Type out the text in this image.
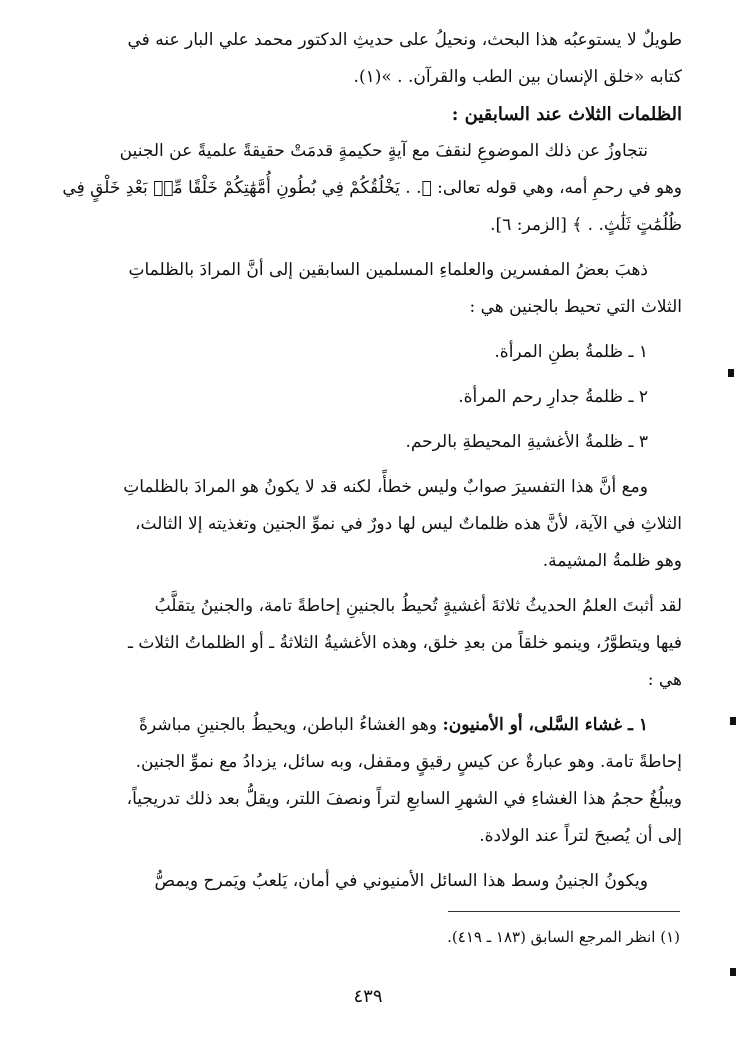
طويلٌ لا يستوعبُه هذا البحث، ونحيلُ على حديثِ الدكتور محمد علي البار عنه في
كتابه «خلق الإنسان بين الطب والقرآن. . »(١).

الظلمات الثلاث عند السابقين :

نتجاوزُ عن ذلك الموضوعِ لنقفَ مع آيةٍ حكيمةٍ قدمَتْ حقيقةً علميةً عن الجنين
وهو في رحمِ أمه، وهي قوله تعالى: ﴿. . يَخْلُقُكُمْ فِي بُطُونِ أُمَّهَٰتِكُمْ خَلْقًا مِّنۢ بَعْدِ خَلْقٍ فِي
ظُلُمَٰتٍ ثَلَٰثٍ. . ﴾ [الزمر: ٦].

ذهبَ بعضُ المفسرين والعلماءِ المسلمين السابقين إلى أنَّ المرادَ بالظلماتِ
الثلاث التي تحيط بالجنين هي :

١ ـ ظلمةُ بطنِ المرأة.
٢ ـ ظلمةُ جدارِ رحم المرأة.
٣ ـ ظلمةُ الأغشيةِ المحيطةِ بالرحم.

ومع أنَّ هذا التفسيرَ صوابٌ وليس خطأً، لكنه قد لا يكونُ هو المرادَ بالظلماتِ
الثلاثِ في الآية، لأنَّ هذه ظلماتٌ ليس لها دورٌ في نموِّ الجنين وتغذيته إلا الثالث،
وهو ظلمةُ المشيمة.

لقد أثبتَ العلمُ الحديثُ ثلاثةَ أغشيةٍ تُحيطُ بالجنينِ إحاطةً تامة، والجنينُ يتقلَّبُ
فيها ويتطوَّرُ، وينمو خلقاً من بعدِ خلق، وهذه الأغشيةُ الثلاثةُ ـ أو الظلماتُ الثلاث ـ
هي :

١ ـ غشاء السَّلى، أو الأمنيون: وهو الغشاءُ الباطن، ويحيطُ بالجنينِ مباشرةً
إحاطةً تامة. وهو عبارةٌ عن كيسٍ رقيقٍ ومقفل، وبه سائل، يزدادُ مع نموِّ الجنين.
ويبلُغُ حجمُ هذا الغشاءِ في الشهرِ السابعِ لتراً ونصفَ اللتر، ويقلُّ بعد ذلك تدريجياً،
إلى أن يُصبحَ لتراً عند الولادة.

ويكونُ الجنينُ وسط هذا السائل الأمنيوني في أمان، يَلعبُ ويَمرح ويمصُّ

(١) انظر المرجع السابق (١٨٣ ـ ٤١٩).
٤٣٩
